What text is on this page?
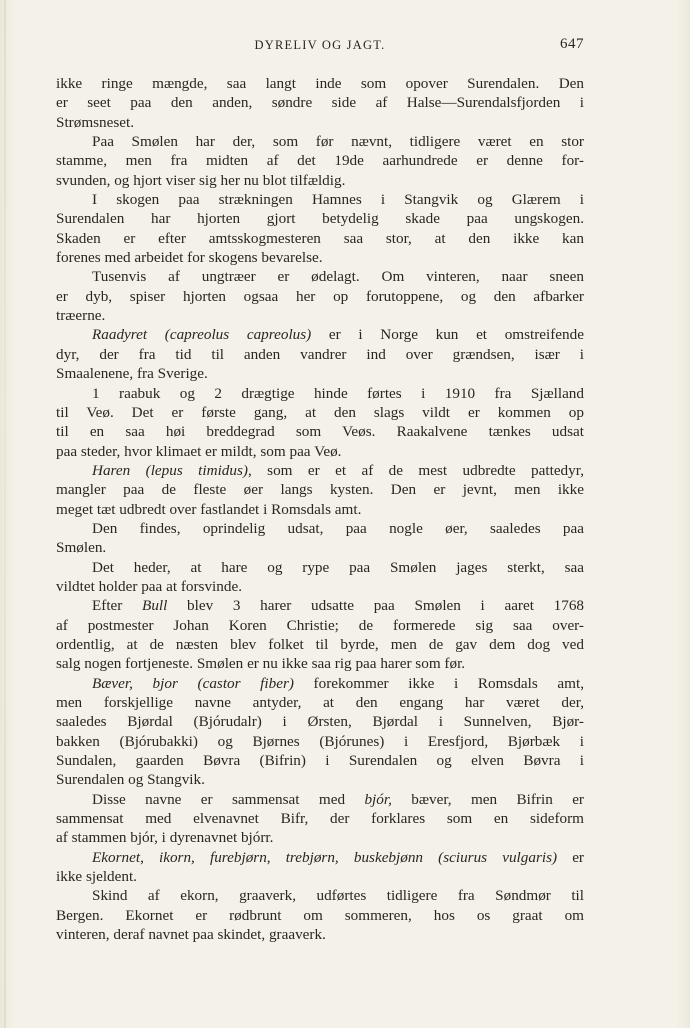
DYRELIV OG JAGT.	647
ikke ringe mængde, saa langt inde som opover Surendalen. Den
er seet paa den anden, søndre side af Halse—Surendalsfjorden i
Strømsneset.
Paa Smølen har der, som før nævnt, tidligere været en stor
stamme, men fra midten af det 19de aarhundrede er denne for-
svunden, og hjort viser sig her nu blot tilfældig.
I skogen paa strækningen Hamnes i Stangvik og Glærem i
Surendalen har hjorten gjort betydelig skade paa ungskogen.
Skaden er efter amtsskogmesteren saa stor, at den ikke kan
forenes med arbeidet for skogens bevarelse.
Tusenvis af ungtræer er ødelagt. Om vinteren, naar sneen
er dyb, spiser hjorten ogsaa her op forutoppene, og den afbarker
træerne.
Raadyret (capreolus capreolus) er i Norge kun et omstreifende
dyr, der fra tid til anden vandrer ind over grændsen, især i
Smaalenene, fra Sverige.
1 raabuk og 2 drægtige hinde førtes i 1910 fra Sjælland
til Veø. Det er første gang, at den slags vildt er kommen op
til en saa høi breddegrad som Veøs. Raakalvene tænkes udsat
paa steder, hvor klimaet er mildt, som paa Veø.
Haren (lepus timidus), som er et af de mest udbredte pattedyr,
mangler paa de fleste øer langs kysten. Den er jevnt, men ikke
meget tæt udbredt over fastlandet i Romsdals amt.
Den findes, oprindelig udsat, paa nogle øer, saaledes paa
Smølen.
Det heder, at hare og rype paa Smølen jages sterkt, saa
vildtet holder paa at forsvinde.
Efter Bull blev 3 harer udsatte paa Smølen i aaret 1768
af postmester Johan Koren Christie; de formerede sig saa over-
ordentlig, at de næsten blev folket til byrde, men de gav dem dog ved
salg nogen fortjeneste. Smølen er nu ikke saa rig paa harer som før.
Bæver, bjor (castor fiber) forekommer ikke i Romsdals amt,
men forskjellige navne antyder, at den engang har været der,
saaledes Bjørdal (Bjórudalr) i Ørsten, Bjørdal i Sunnelven, Bjør-
bakken (Bjórubakki) og Bjørnes (Bjórunes) i Eresfjord, Bjørbæk i
Sundalen, gaarden Bøvra (Bifrin) i Surendalen og elven Bøvra i
Surendalen og Stangvik.
Disse navne er sammensat med bjór, bæver, men Bifrin er
sammensat med elvenavnet Bifr, der forklares som en sideform
af stammen bjór, i dyrenavnet bjórr.
Ekornet, ikorn, furebjørn, trebjørn, buskebjønn (sciurus vulgaris) er
ikke sjeldent.
Skind af ekorn, graaverk, udførtes tidligere fra Søndmør til
Bergen. Ekornet er rødbrunt om sommeren, hos os graat om
vinteren, deraf navnet paa skindet, graaverk.
